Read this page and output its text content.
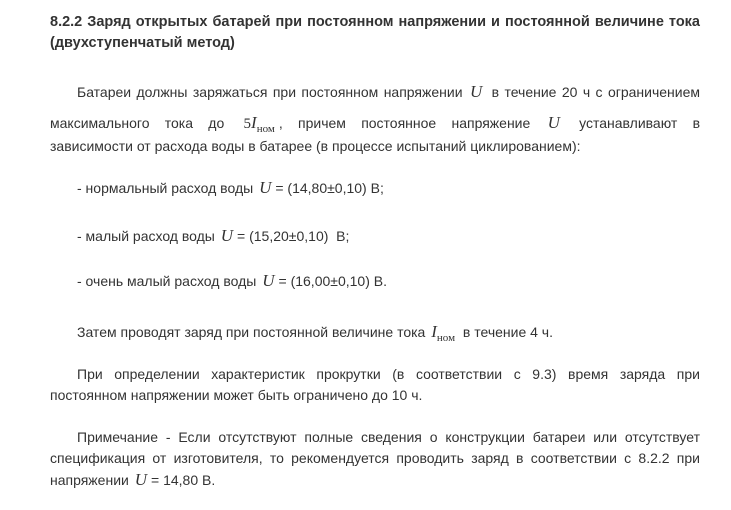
8.2.2 Заряд открытых батарей при постоянном напряжении и постоянной величине тока
(двухступенчатый метод)
Батареи должны заряжаться при постоянном напряжении U в течение 20 ч с ограничением
максимального тока до $5I_{ном}$ , причем постоянное напряжение U устанавливают в
зависимости от расхода воды в батарее (в процессе испытаний циклированием):
- нормальный расход воды U = (14,80±0,10) В;
- малый расход воды U = (15,20±0,10)  В;
- очень малый расход воды U = (16,00±0,10) В.
Затем проводят заряд при постоянной величине тока $I_{ном}$ в течение 4 ч.
При определении характеристик прокрутки (в соответствии с 9.3) время заряда при
постоянном напряжении может быть ограничено до 10 ч.
Примечание - Если отсутствуют полные сведения о конструкции батареи или отсутствует
спецификация от изготовителя, то рекомендуется проводить заряд в соответствии с 8.2.2 при
напряжении U = 14,80 В.
